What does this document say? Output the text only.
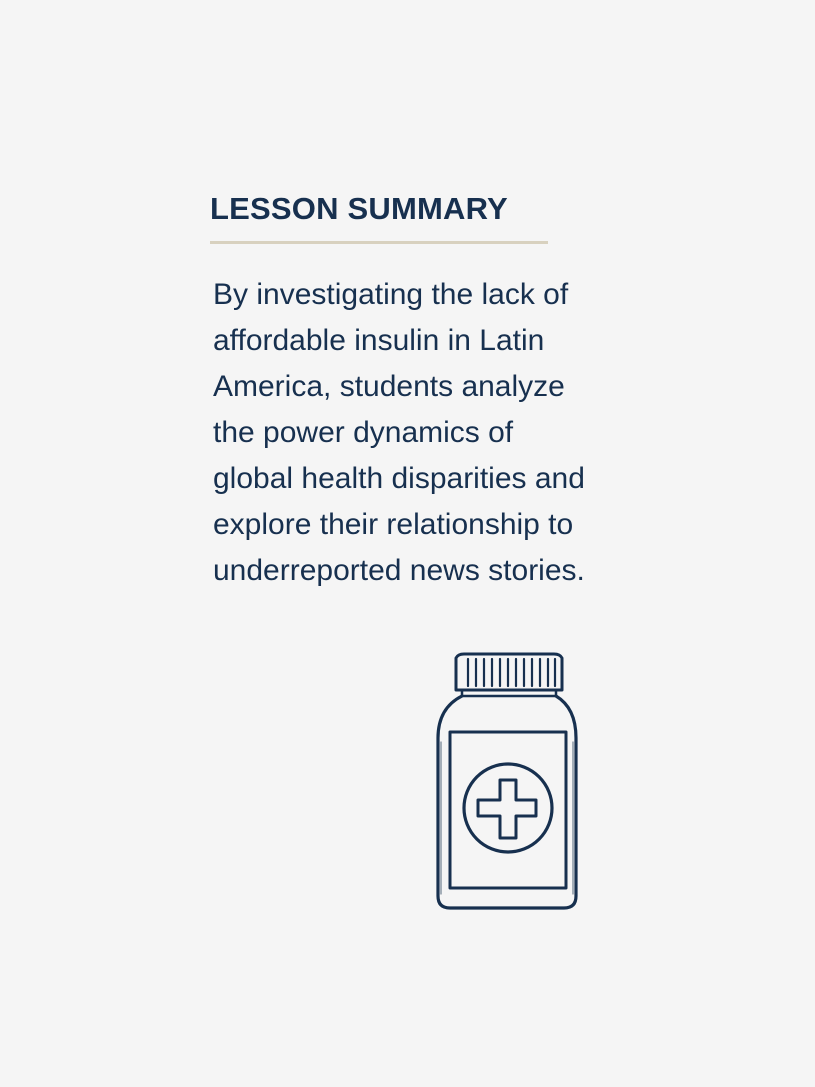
LESSON SUMMARY

By investigating the lack of affordable insulin in Latin America, students analyze the power dynamics of global health disparities and explore their relationship to underreported news stories.
